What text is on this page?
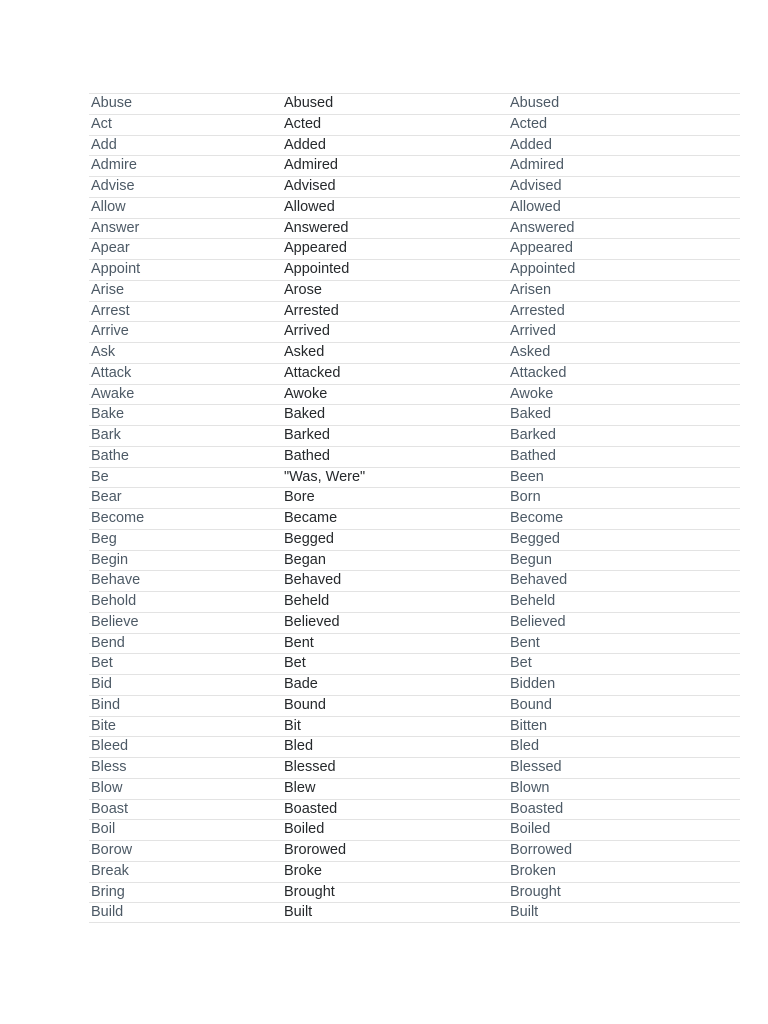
Abuse	Abused	Abused
Act	Acted	Acted
Add	Added	Added
Admire	Admired	Admired
Advise	Advised	Advised
Allow	Allowed	Allowed
Answer	Answered	Answered
Apear	Appeared	Appeared
Appoint	Appointed	Appointed
Arise	Arose	Arisen
Arrest	Arrested	Arrested
Arrive	Arrived	Arrived
Ask	Asked	Asked
Attack	Attacked	Attacked
Awake	Awoke	Awoke
Bake	Baked	Baked
Bark	Barked	Barked
Bathe	Bathed	Bathed
Be	"Was, Were"	Been
Bear	Bore	Born
Become	Became	Become
Beg	Begged	Begged
Begin	Began	Begun
Behave	Behaved	Behaved
Behold	Beheld	Beheld
Believe	Believed	Believed
Bend	Bent	Bent
Bet	Bet	Bet
Bid	Bade	Bidden
Bind	Bound	Bound
Bite	Bit	Bitten
Bleed	Bled	Bled
Bless	Blessed	Blessed
Blow	Blew	Blown
Boast	Boasted	Boasted
Boil	Boiled	Boiled
Borow	Brorowed	Borrowed
Break	Broke	Broken
Bring	Brought	Brought
Build	Built	Built
